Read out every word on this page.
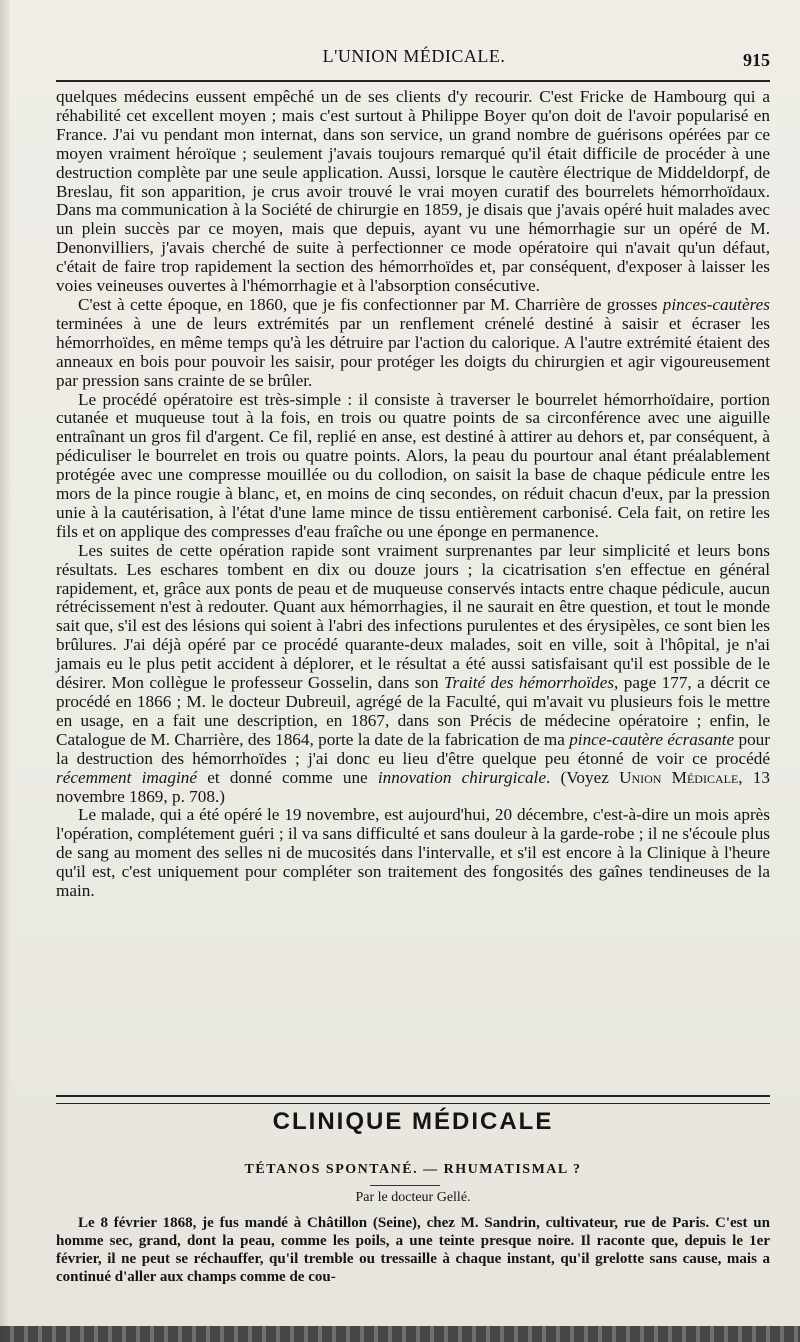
L'UNION MÉDICALE.	915

quelques médecins eussent empêché un de ses clients d'y recourir. C'est Fricke de Hambourg qui a réhabilité cet excellent moyen ; mais c'est surtout à Philippe Boyer qu'on doit de l'avoir popularisé en France. J'ai vu pendant mon internat, dans son service, un grand nombre de guérisons opérées par ce moyen vraiment héroïque ; seulement j'avais toujours remarqué qu'il était difficile de procéder à une destruction complète par une seule application. Aussi, lorsque le cautère électrique de Middeldorpf, de Breslau, fit son apparition, je crus avoir trouvé le vrai moyen curatif des bourrelets hémorrhoïdaux. Dans ma communication à la Société de chirurgie en 1859, je disais que j'avais opéré huit malades avec un plein succès par ce moyen, mais que depuis, ayant vu une hémorrhagie sur un opéré de M. Denonvilliers, j'avais cherché de suite à perfectionner ce mode opératoire qui n'avait qu'un défaut, c'était de faire trop rapidement la section des hémorrhoïdes et, par conséquent, d'exposer à laisser les voies veineuses ouvertes à l'hémorrhagie et à l'absorption consécutive.

C'est à cette époque, en 1860, que je fis confectionner par M. Charrière de grosses pinces-cautères terminées à une de leurs extrémités par un renflement crénelé destiné à saisir et écraser les hémorrhoïdes, en même temps qu'à les détruire par l'action du calorique. A l'autre extrémité étaient des anneaux en bois pour pouvoir les saisir, pour protéger les doigts du chirurgien et agir vigoureusement par pression sans crainte de se brûler.

Le procédé opératoire est très-simple : il consiste à traverser le bourrelet hémorrhoïdaire, portion cutanée et muqueuse tout à la fois, en trois ou quatre points de sa circonférence avec une aiguille entraînant un gros fil d'argent. Ce fil, replié en anse, est destiné à attirer au dehors et, par conséquent, à pédiculiser le bourrelet en trois ou quatre points. Alors, la peau du pourtour anal étant préalablement protégée avec une compresse mouillée ou du collodion, on saisit la base de chaque pédicule entre les mors de la pince rougie à blanc, et, en moins de cinq secondes, on réduit chacun d'eux, par la pression unie à la cautérisation, à l'état d'une lame mince de tissu entièrement carbonisé. Cela fait, on retire les fils et on applique des compresses d'eau fraîche ou une éponge en permanence.

Les suites de cette opération rapide sont vraiment surprenantes par leur simplicité et leurs bons résultats. Les eschares tombent en dix ou douze jours ; la cicatrisation s'en effectue en général rapidement, et, grâce aux ponts de peau et de muqueuse conservés intacts entre chaque pédicule, aucun rétrécissement n'est à redouter. Quant aux hémorrhagies, il ne saurait en être question, et tout le monde sait que, s'il est des lésions qui soient à l'abri des infections purulentes et des érysipèles, ce sont bien les brûlures. J'ai déjà opéré par ce procédé quarante-deux malades, soit en ville, soit à l'hôpital, je n'ai jamais eu le plus petit accident à déplorer, et le résultat a été aussi satisfaisant qu'il est possible de le désirer. Mon collègue le professeur Gosselin, dans son Traité des hémorrhoïdes, page 177, a décrit ce procédé en 1866 ; M. le docteur Dubreuil, agrégé de la Faculté, qui m'avait vu plusieurs fois le mettre en usage, en a fait une description, en 1867, dans son Précis de médecine opératoire ; enfin, le Catalogue de M. Charrière, des 1864, porte la date de la fabrication de ma pince-cautère écrasante pour la destruction des hémorrhoïdes ; j'ai donc eu lieu d'être quelque peu étonné de voir ce procédé récemment imaginé et donné comme une innovation chirurgicale. (Voyez Union Médicale, 13 novembre 1869, p. 708.)

Le malade, qui a été opéré le 19 novembre, est aujourd'hui, 20 décembre, c'est-à-dire un mois après l'opération, complétement guéri ; il va sans difficulté et sans douleur à la garde-robe ; il ne s'écoule plus de sang au moment des selles ni de mucosités dans l'intervalle, et s'il est encore à la Clinique à l'heure qu'il est, c'est uniquement pour compléter son traitement des fongosités des gaînes tendineuses de la main.

CLINIQUE MÉDICALE
TÉTANOS SPONTANÉ. — RHUMATISMAL ?
Par le docteur Gellé.

Le 8 février 1868, je fus mandé à Châtillon (Seine), chez M. Sandrin, cultivateur, rue de Paris. C'est un homme sec, grand, dont la peau, comme les poils, a une teinte presque noire. Il raconte que, depuis le 1er février, il ne peut se réchauffer, qu'il tremble ou tressaille à chaque instant, qu'il grelotte sans cause, mais a continué d'aller aux champs comme de cou-
